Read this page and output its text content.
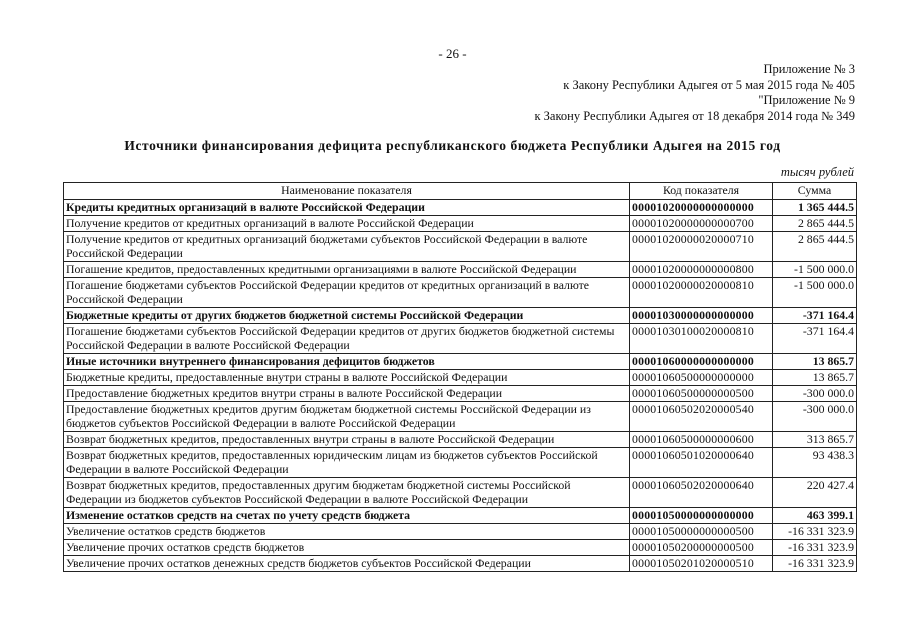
- 26 -
Приложение № 3
к Закону Республики Адыгея от 5 мая 2015 года № 405
"Приложение № 9
к Закону Республики Адыгея от 18 декабря 2014 года № 349
Источники финансирования дефицита республиканского бюджета Республики Адыгея на 2015 год
тысяч рублей
Наименование показателя	Код показателя	Сумма
Кредиты кредитных организаций в валюте Российской Федерации	00001020000000000000	1 365 444.5
Получение кредитов от кредитных организаций в валюте Российской Федерации	00001020000000000700	2 865 444.5
Получение кредитов от кредитных организаций бюджетами субъектов Российской Федерации в валюте Российской Федерации	00001020000020000710	2 865 444.5
Погашение кредитов, предоставленных кредитными организациями в валюте Российской Федерации	00001020000000000800	-1 500 000.0
Погашение бюджетами субъектов Российской Федерации кредитов от кредитных организаций в валюте Российской Федерации	00001020000020000810	-1 500 000.0
Бюджетные кредиты от других бюджетов бюджетной системы Российской Федерации	00001030000000000000	-371 164.4
Погашение бюджетами субъектов Российской Федерации кредитов от других бюджетов бюджетной системы Российской Федерации в валюте Российской Федерации	00001030100020000810	-371 164.4
Иные источники внутреннего финансирования дефицитов бюджетов	00001060000000000000	13 865.7
Бюджетные кредиты, предоставленные внутри страны в валюте Российской Федерации	00001060500000000000	13 865.7
Предоставление бюджетных кредитов внутри страны в валюте Российской Федерации	00001060500000000500	-300 000.0
Предоставление бюджетных кредитов другим бюджетам бюджетной системы Российской Федерации из бюджетов субъектов Российской Федерации в валюте Российской Федерации	00001060502020000540	-300 000.0
Возврат бюджетных кредитов, предоставленных внутри страны в валюте Российской Федерации	00001060500000000600	313 865.7
Возврат бюджетных кредитов, предоставленных юридическим лицам из бюджетов субъектов Российской Федерации в валюте Российской Федерации	00001060501020000640	93 438.3
Возврат бюджетных кредитов, предоставленных другим бюджетам бюджетной системы Российской Федерации из бюджетов субъектов Российской Федерации в валюте Российской Федерации	00001060502020000640	220 427.4
Изменение остатков средств на счетах по учету средств бюджета	00001050000000000000	463 399.1
Увеличение остатков средств бюджетов	00001050000000000500	-16 331 323.9
Увеличение прочих остатков средств бюджетов	00001050200000000500	-16 331 323.9
Увеличение прочих остатков денежных средств бюджетов субъектов Российской Федерации	00001050201020000510	-16 331 323.9
